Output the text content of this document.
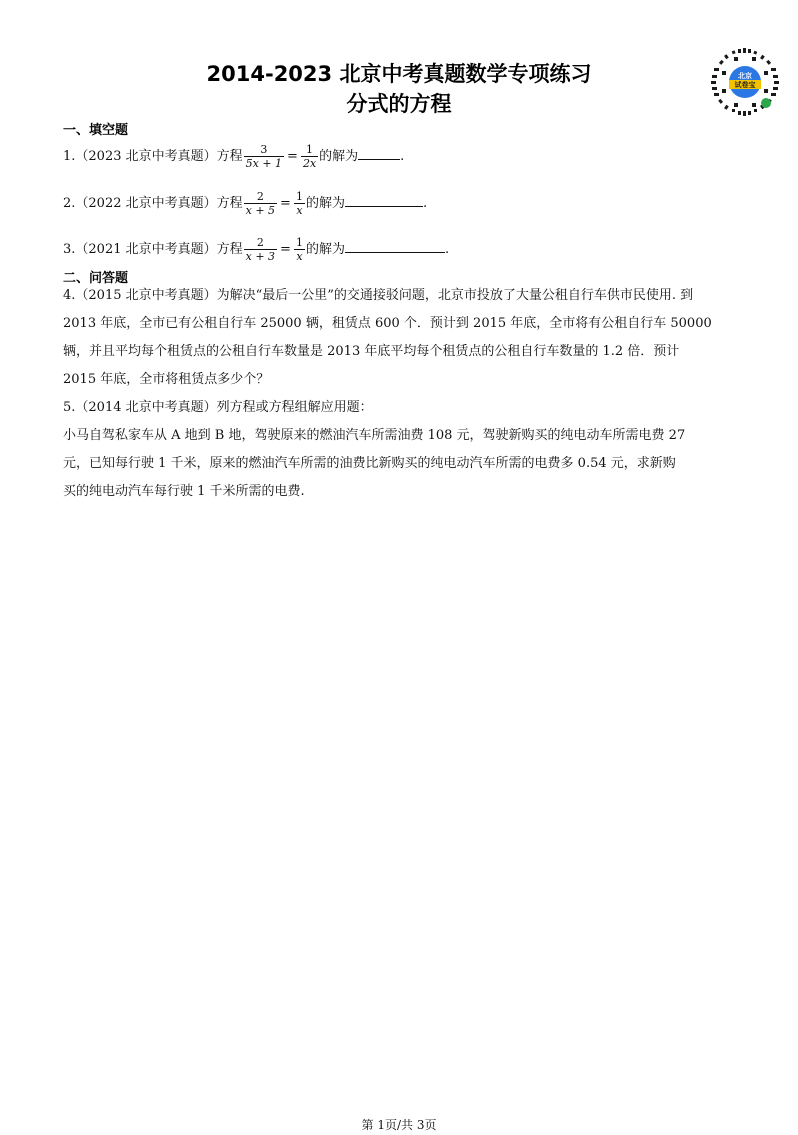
2014-2023 北京中考真题数学专项练习
分式的方程
北京
试卷宝
一、填空题
1.（2023 北京中考真题）方程 $\frac{3}{5x + 1} = \frac{1}{2x}$ 的解为	.
2.（2022 北京中考真题）方程 $\frac{2}{x + 5} = \frac{1}{x}$ 的解为	.
3.（2021 北京中考真题）方程 $\frac{2}{x + 3} = \frac{1}{x}$ 的解为	.
二、问答题

4.（2015 北京中考真题）为解决“最后一公里”的交通接驳问题，北京市投放了大量公租自行车供市民使用. 到

2013 年底，全市已有公租自行车 25000 辆，租赁点 600 个．预计到 2015 年底，全市将有公租自行车 50000

辆，并且平均每个租赁点的公租自行车数量是 2013 年底平均每个租赁点的公租自行车数量的 1.2 倍．预计

2015 年底，全市将租赁点多少个？

5.（2014 北京中考真题）列方程或方程组解应用题：

小马自驾私家车从 A 地到 B 地，驾驶原来的燃油汽车所需油费 108 元，驾驶新购买的纯电动车所需电费 27

元，已知每行驶 1 千米，原来的燃油汽车所需的油费比新购买的纯电动汽车所需的电费多 0.54 元，求新购

买的纯电动汽车每行驶 1 千米所需的电费.

第 1页/共 3页
